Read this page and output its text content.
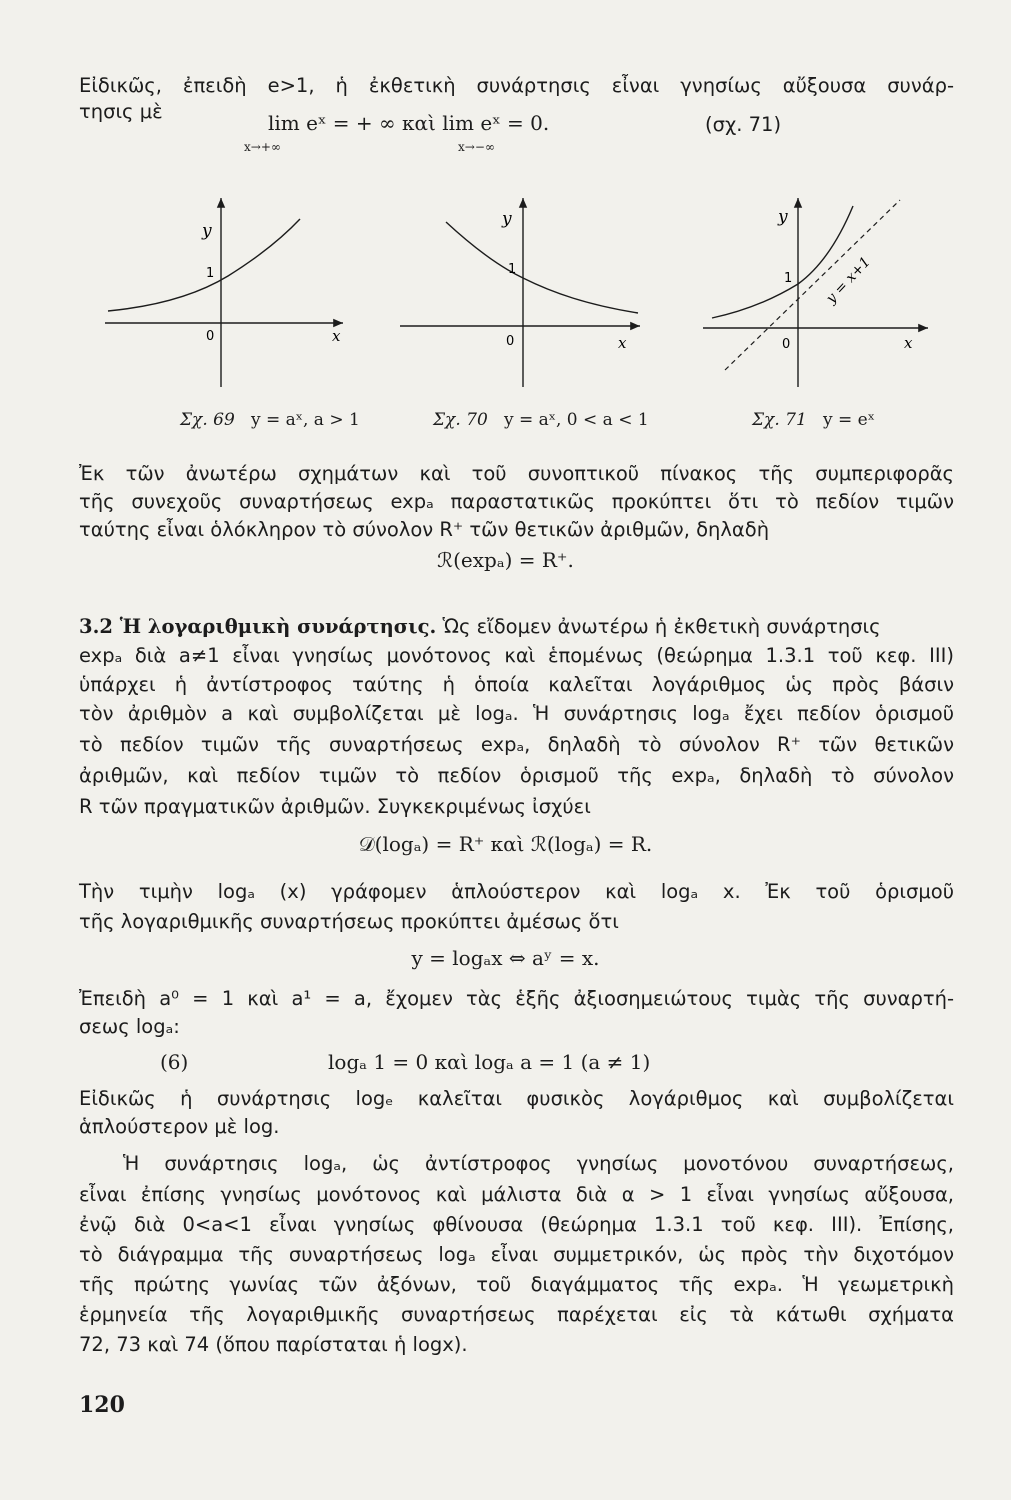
Εἰδικῶς, ἐπειδὴ e>1, ἡ ἐκθετικὴ συνάρτησις εἶναι γνησίως αὔξουσα συνάρ-
τησις μὲ	lim eˣ = + ∞ καὶ lim eˣ = 0.
x→+∞	x→−∞
(σχ. 71)
y
1
0	x
y
1
0	x
y = x+1
y
1
0	x
Σχ. 69 y = aˣ, a > 1	Σχ. 70 y = aˣ, 0 < a < 1	Σχ. 71 y = eˣ
Ἐκ τῶν ἀνωτέρω σχημάτων καὶ τοῦ συνοπτικοῦ πίνακος τῆς συμπεριφορᾶς
τῆς συνεχοῦς συναρτήσεως expₐ παραστατικῶς προκύπτει ὅτι τὸ πεδίον τιμῶν
ταύτης εἶναι ὁλόκληρον τὸ σύνολον R⁺ τῶν θετικῶν ἀριθμῶν, δηλαδὴ
ℛ(expₐ) = R⁺.
3.2 Ἡ λογαριθμικὴ συνάρτησις. Ὡς εἴδομεν ἀνωτέρω ἡ ἐκθετικὴ συνάρτησις
expₐ διὰ a≠1 εἶναι γνησίως μονότονος καὶ ἑπομένως (θεώρημα 1.3.1 τοῦ κεφ. III)
ὑπάρχει ἡ ἀντίστροφος ταύτης ἡ ὁποία καλεῖται λογάριθμος ὡς πρὸς βάσιν
τὸν ἀριθμὸν a καὶ συμβολίζεται μὲ logₐ. Ἡ συνάρτησις logₐ ἔχει πεδίον ὁρισμοῦ
τὸ πεδίον τιμῶν τῆς συναρτήσεως expₐ, δηλαδὴ τὸ σύνολον R⁺ τῶν θετικῶν
ἀριθμῶν, καὶ πεδίον τιμῶν τὸ πεδίον ὁρισμοῦ τῆς expₐ, δηλαδὴ τὸ σύνολον
R τῶν πραγματικῶν ἀριθμῶν. Συγκεκριμένως ἰσχύει
𝒟(logₐ) = R⁺ καὶ ℛ(logₐ) = R.
Τὴν τιμὴν logₐ (x) γράφομεν ἁπλούστερον καὶ logₐ x. Ἐκ τοῦ ὁρισμοῦ
τῆς λογαριθμικῆς συναρτήσεως προκύπτει ἀμέσως ὅτι
y = logₐx ⇔ aʸ = x.
Ἐπειδὴ a⁰ = 1 καὶ a¹ = a, ἔχομεν τὰς ἑξῆς ἀξιοσημειώτους τιμὰς τῆς συναρτή-
σεως logₐ:
(6)	logₐ 1 = 0 καὶ logₐ a = 1 (a ≠ 1)
Εἰδικῶς ἡ συνάρτησις logₑ καλεῖται φυσικὸς λογάριθμος καὶ συμβολίζεται
ἁπλούστερον μὲ log.
Ἡ συνάρτησις logₐ, ὡς ἀντίστροφος γνησίως μονοτόνου συναρτήσεως,
εἶναι ἐπίσης γνησίως μονότονος καὶ μάλιστα διὰ α > 1 εἶναι γνησίως αὔξουσα,
ἐνῷ διὰ 0<a<1 εἶναι γνησίως φθίνουσα (θεώρημα 1.3.1 τοῦ κεφ. III). Ἐπίσης,
τὸ διάγραμμα τῆς συναρτήσεως logₐ εἶναι συμμετρικόν, ὡς πρὸς τὴν διχοτόμον
τῆς πρώτης γωνίας τῶν ἀξόνων, τοῦ διαγάμματος τῆς expₐ. Ἡ γεωμετρικὴ
ἑρμηνεία τῆς λογαριθμικῆς συναρτήσεως παρέχεται εἰς τὰ κάτωθι σχήματα
72, 73 καὶ 74 (ὅπου παρίσταται ἡ logx).
120
